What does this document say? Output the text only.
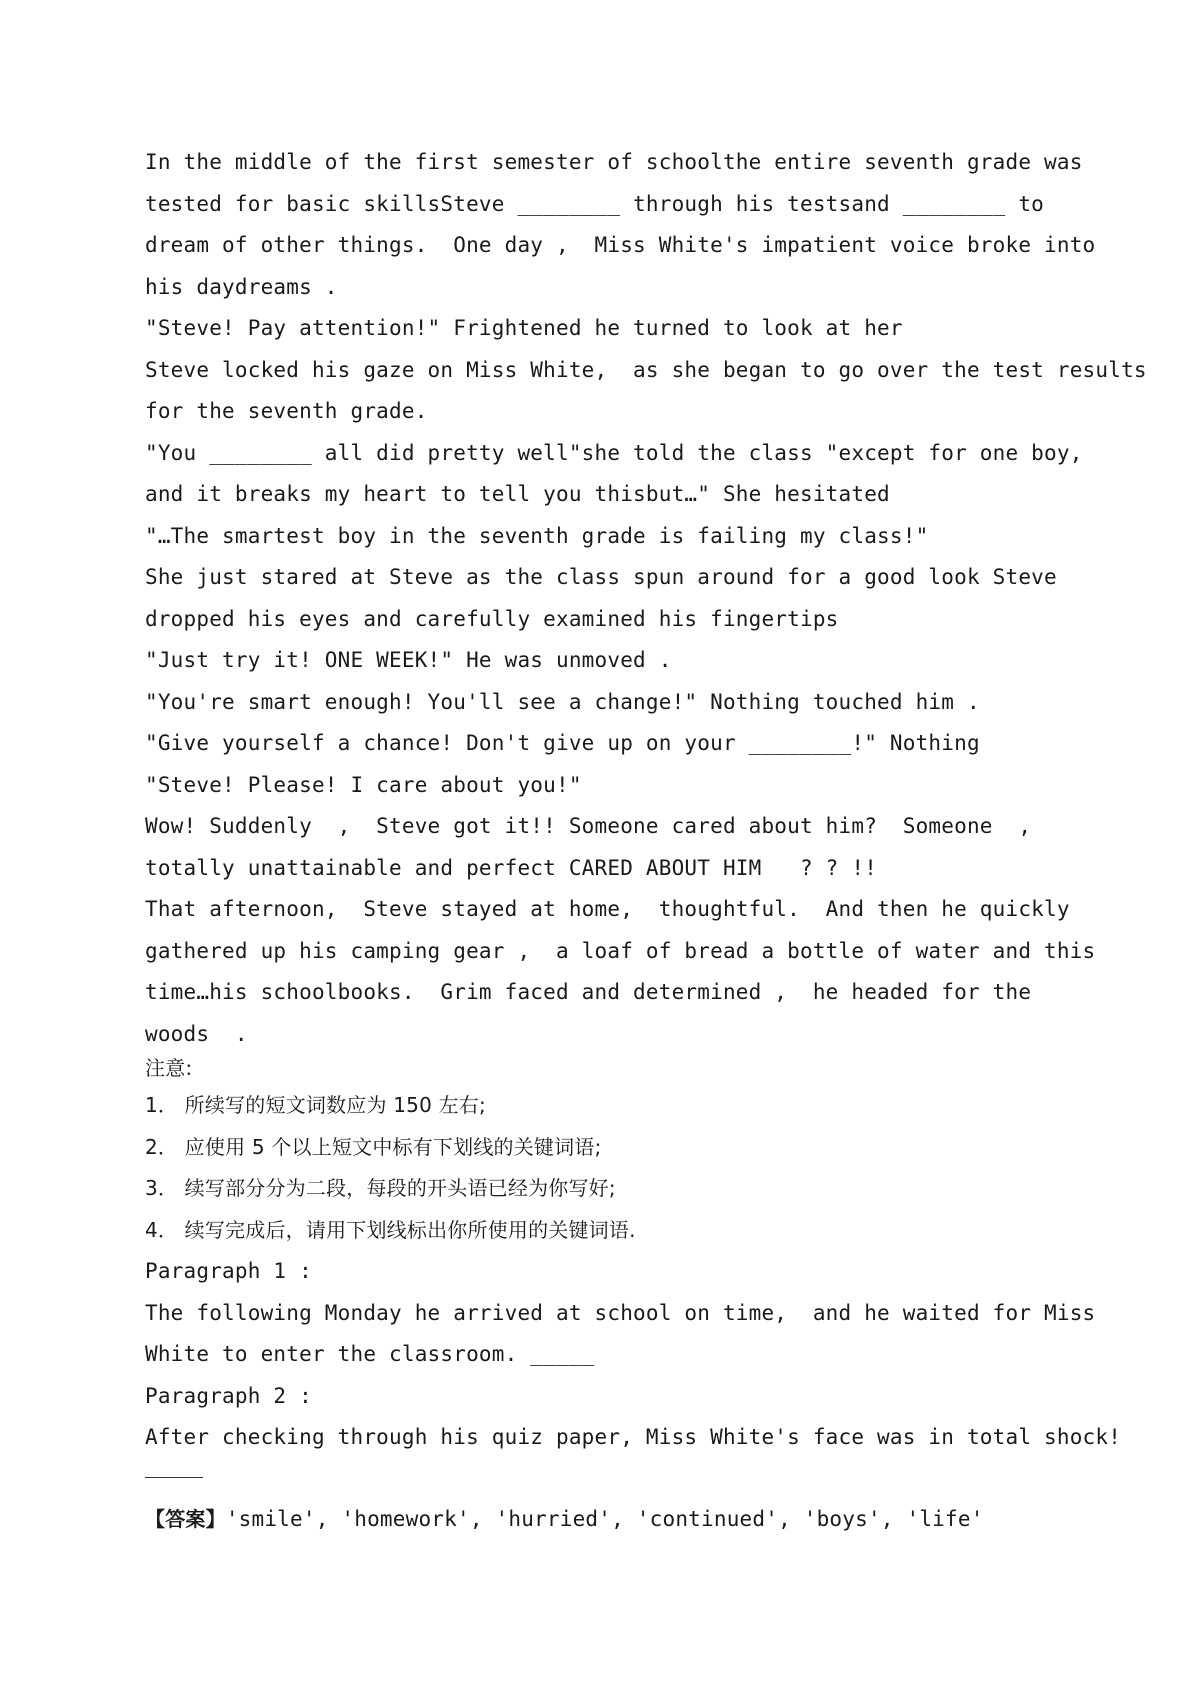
In the middle of the first semester of schoolthe entire seventh grade was
tested for basic skillsSteve ________ through his testsand ________ to
dream of other things.  One day ,  Miss White's impatient voice broke into
his daydreams .
"Steve! Pay attention!" Frightened he turned to look at her
Steve locked his gaze on Miss White,  as she began to go over the test results
for the seventh grade.
"You ________ all did pretty well"she told the class "except for one boy,
and it breaks my heart to tell you thisbut…" She hesitated
"…The smartest boy in the seventh grade is failing my class!"
She just stared at Steve as the class spun around for a good look Steve
dropped his eyes and carefully examined his fingertips
"Just try it! ONE WEEK!" He was unmoved .
"You're smart enough! You'll see a change!" Nothing touched him .
"Give yourself a chance! Don't give up on your ________!" Nothing
"Steve! Please! I care about you!"
Wow! Suddenly  ,  Steve got it!! Someone cared about him?  Someone  ,
totally unattainable and perfect CARED ABOUT HIM   ? ? !!
That afternoon,  Steve stayed at home,  thoughtful.  And then he quickly
gathered up his camping gear ,  a loaf of bread a bottle of water and this
time…his schoolbooks.  Grim faced and determined ,  he headed for the
woods  .
注意:
1． 所续写的短文词数应为 150 左右;
2． 应使用 5 个以上短文中标有下划线的关键词语;
3． 续写部分分为二段，每段的开头语已经为你写好;
4． 续写完成后，请用下划线标出你所使用的关键词语.
Paragraph 1 :
The following Monday he arrived at school on time,  and he waited for Miss
White to enter the classroom. _____
Paragraph 2 :
After checking through his quiz paper, Miss White's face was in total shock!

【答案】'smile', 'homework', 'hurried', 'continued', 'boys', 'life'
